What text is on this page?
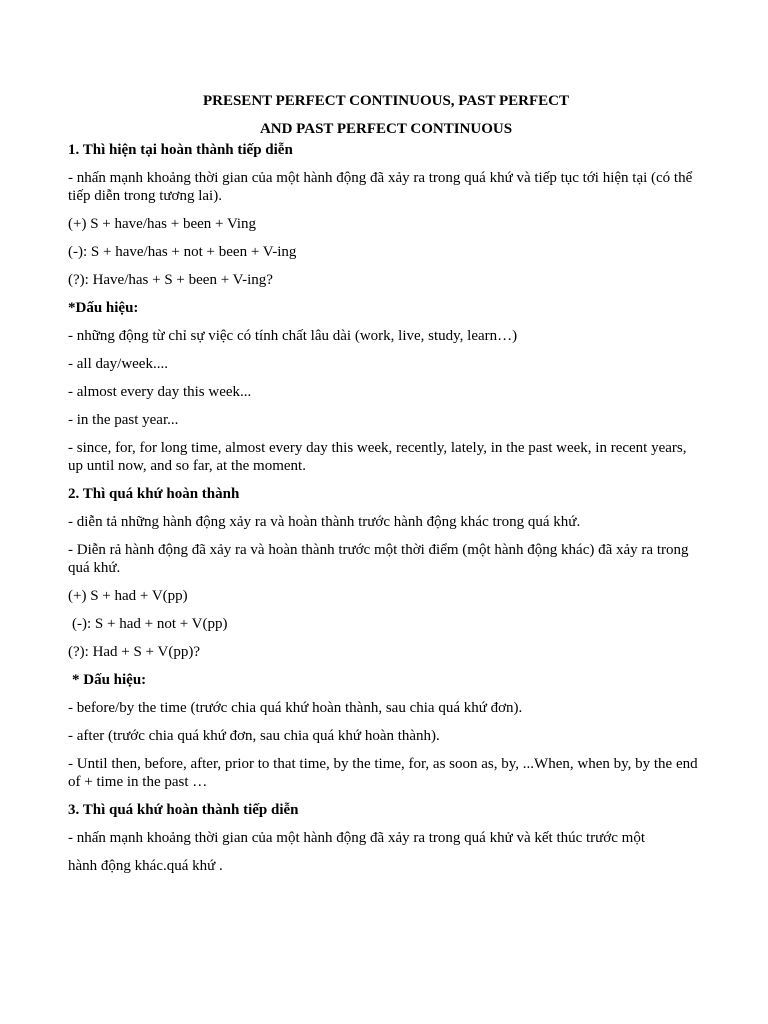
PRESENT PERFECT CONTINUOUS, PAST PERFECT

AND PAST PERFECT CONTINUOUS

1. Thì hiện tại hoàn thành tiếp diễn

- nhấn mạnh khoảng thời gian của một hành động đã xảy ra trong quá khứ và tiếp tục tới hiện tại (có thể tiếp diễn trong tương lai).

(+) S + have/has + been + Ving

(-): S + have/has + not + been + V-ing

(?): Have/has + S + been + V-ing?

*Dấu hiệu:

- những động từ chỉ sự việc có tính chất lâu dài (work, live, study, learn…)

- all day/week....

- almost every day this week...

- in the past year...

- since, for, for long time, almost every day this week, recently, lately, in the past week, in recent years, up until now, and so far, at the moment.

2. Thì quá khứ hoàn thành

- diễn tả những hành động xảy ra và hoàn thành trước hành động khác trong quá khứ.

- Diễn rả hành động đã xảy ra và hoàn thành trước một thời điểm (một hành động khác) đã xảy ra trong quá khứ.

(+) S + had + V(pp)

(-): S + had + not + V(pp)

(?): Had + S + V(pp)?

* Dấu hiệu:

- before/by the time (trước chia quá khứ hoàn thành, sau chia quá khứ đơn).

- after (trước chia quá khứ đơn, sau chia quá khứ hoàn thành).

- Until then, before, after, prior to that time, by the time, for, as soon as, by, ...When, when by, by the end of + time in the past …

3. Thì quá khứ hoàn thành tiếp diễn

- nhấn mạnh khoảng thời gian của một hành động đã xảy ra trong quá khử và kết thúc trước một

hành động khác.quá khứ .
